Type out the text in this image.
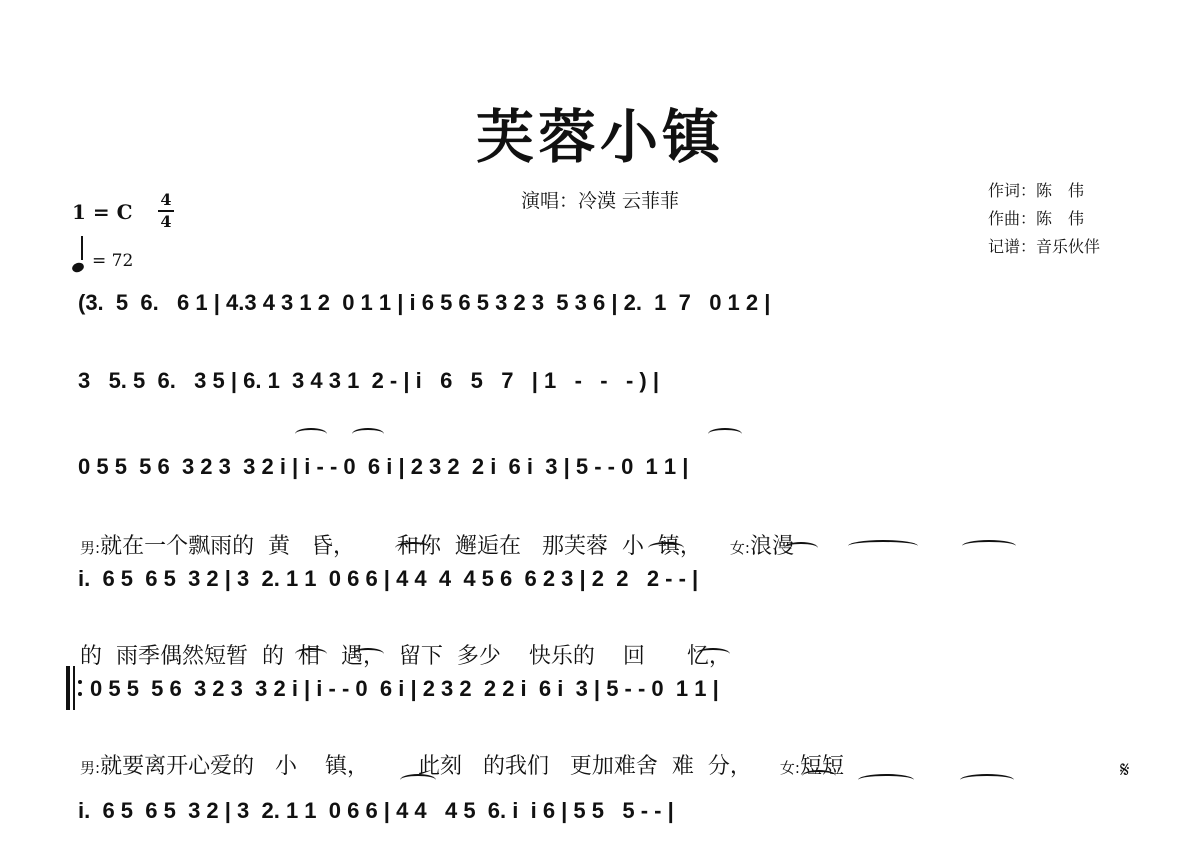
芙蓉小镇
演唱：冷漠 云菲菲	作词：陈　伟
作曲：陈　伟
记谱：音乐伙伴
1 = C
4
4
= 72
(3.  5  6.   6 1 | 4.3 4 3 1 2  0 1 1 | i 6 5 6 5 3 2 3  5 3 6 | 2.  1  7   0 1 2 |
3   5. 5  6.   3 5 | 6. 1  3 4 3 1  2 - | i   6   5   7   | 1   -   -   - ) |
0 5 5  5 6  3 2 3  3 2 i | i - - 0  6 i | 2 3 2  2 i  6 i  3 | 5 - - 0  1 1 |

男:就在一个飘雨的  黄   昏，      和你  邂逅在   那芙蓉  小  镇，    女:浪漫

i.  6 5  6 5  3 2 | 3  2. 1 1  0 6 6 | 4 4  4  4 5 6  6 2 3 | 2  2   2 - - |

的  雨季偶然短暂  的  相   遇，  留下  多少    快乐的    回      忆，

0 5 5  5 6  3 2 3  3 2 i | i - - 0  6 i | 2 3 2  2 2 i  6 i  3 | 5 - - 0  1 1 |

男:就要离开心爱的   小    镇，       此刻   的我们   更加难舍  难  分，    女:短短	𝄋
i.  6 5  6 5  3 2 | 3  2. 1 1  0 6 6 | 4 4   4 5  6. i  i 6 | 5 5   5 - - |
